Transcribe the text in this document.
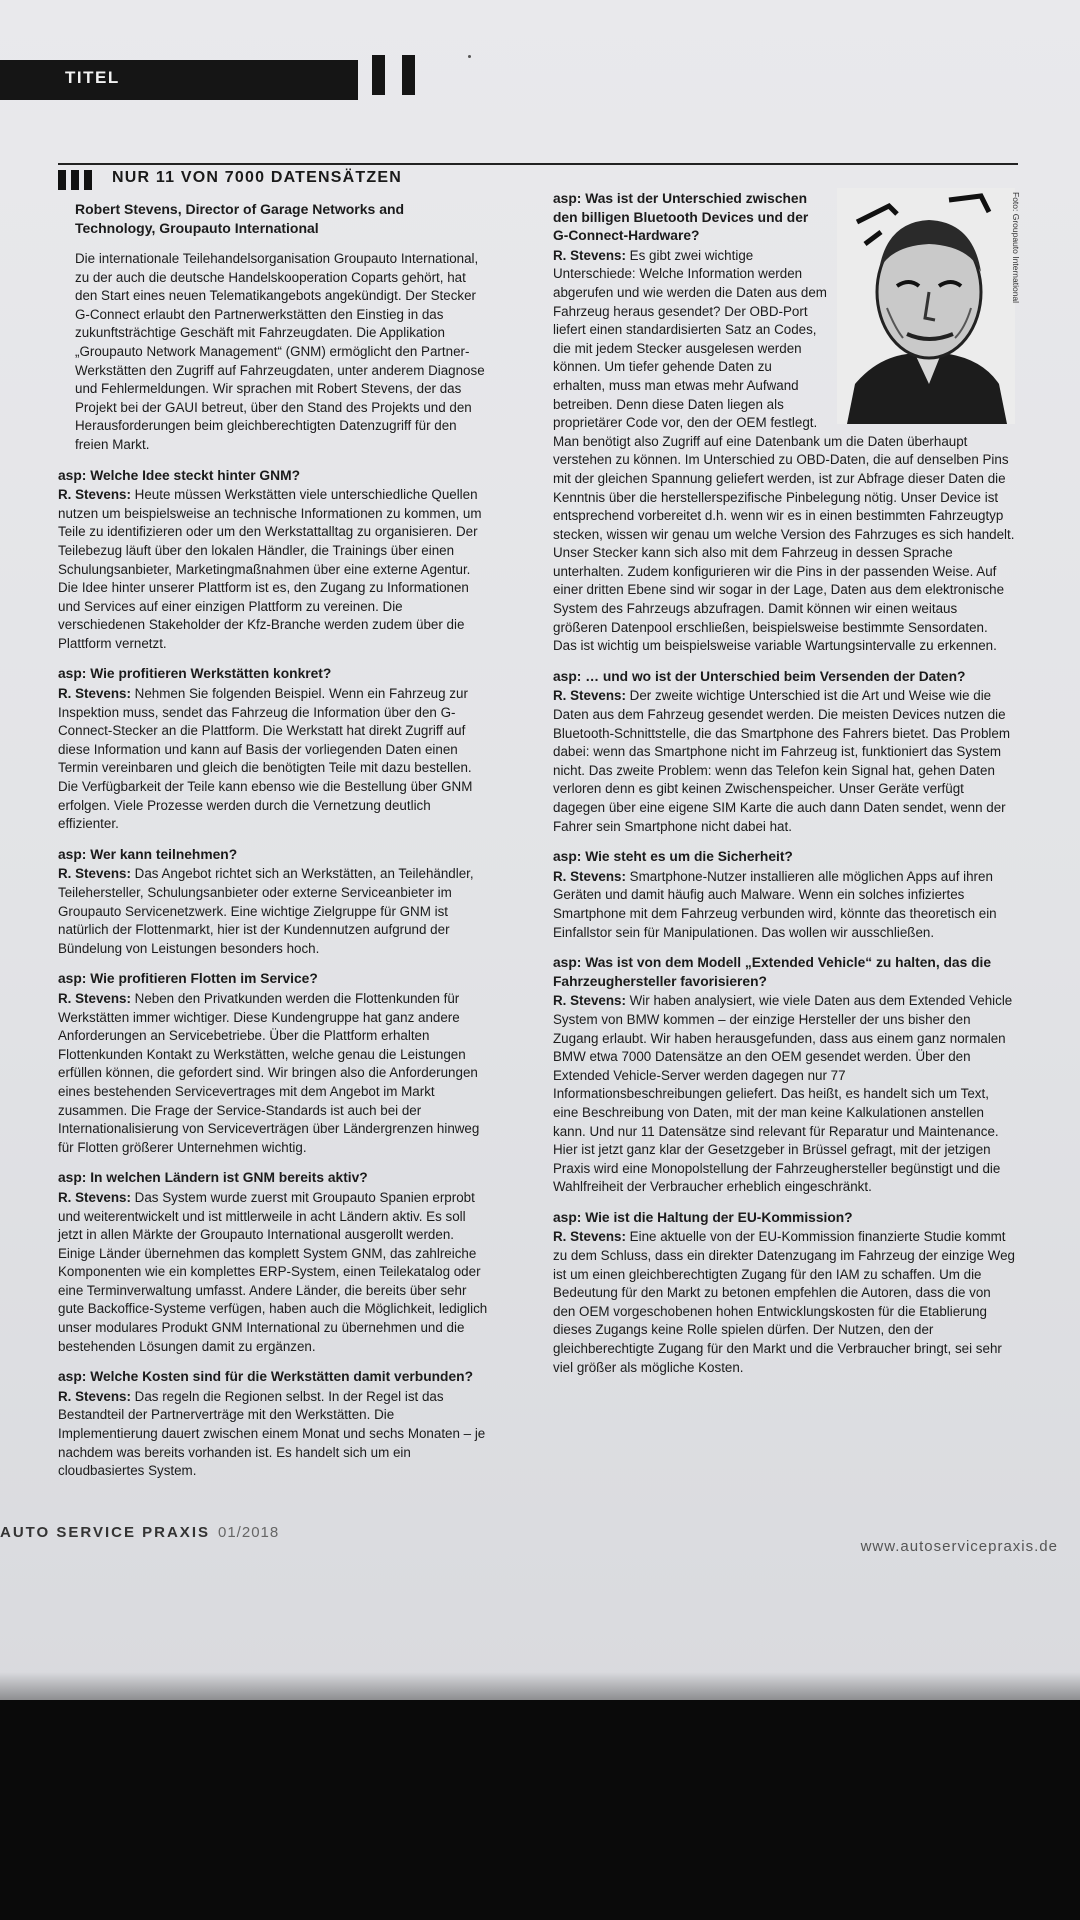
TITEL
NUR 11 VON 7000 DATENSÄTZEN

Robert Stevens, Director of Garage Networks and Technology, Groupauto International

Die internationale Teilehandelsorganisation Groupauto International, zu der auch die deutsche Handelskooperation Coparts gehört, hat den Start eines neuen Telematikangebots angekündigt. Der Stecker G-Connect erlaubt den Partnerwerkstätten den Einstieg in das zukunftsträchtige Geschäft mit Fahrzeugdaten. Die Applikation „Groupauto Network Management“ (GNM) ermöglicht den Partner-Werkstätten den Zugriff auf Fahrzeugdaten, unter anderem Diagnose und Fehlermeldungen. Wir sprachen mit Robert Stevens, der das Projekt bei der GAUI betreut, über den Stand des Projekts und den Herausforderungen beim gleichberechtigten Datenzugriff für den freien Markt.

asp: Welche Idee steckt hinter GNM?

R. Stevens: Heute müssen Werkstätten viele unterschiedliche Quellen nutzen um beispielsweise an technische Informationen zu kommen, um Teile zu identifizieren oder um den Werkstattalltag zu organisieren. Der Teilebezug läuft über den lokalen Händler, die Trainings über einen Schulungsanbieter, Marketingmaßnahmen über eine externe Agentur. Die Idee hinter unserer Plattform ist es, den Zugang zu Informationen und Services auf einer einzigen Plattform zu vereinen. Die verschiedenen Stakeholder der Kfz-Branche werden zudem über die Plattform vernetzt.

asp: Wie profitieren Werkstätten konkret?

R. Stevens: Nehmen Sie folgenden Beispiel. Wenn ein Fahrzeug zur Inspektion muss, sendet das Fahrzeug die Information über den G-Connect-Stecker an die Plattform. Die Werkstatt hat direkt Zugriff auf diese Information und kann auf Basis der vorliegenden Daten einen Termin vereinbaren und gleich die benötigten Teile mit dazu bestellen. Die Verfügbarkeit der Teile kann ebenso wie die Bestellung über GNM erfolgen. Viele Prozesse werden durch die Vernetzung deutlich effizienter.

asp: Wer kann teilnehmen?

R. Stevens: Das Angebot richtet sich an Werkstätten, an Teilehändler, Teilehersteller, Schulungsanbieter oder externe Serviceanbieter im Groupauto Servicenetzwerk. Eine wichtige Zielgruppe für GNM ist natürlich der Flottenmarkt, hier ist der Kundennutzen aufgrund der Bündelung von Leistungen besonders hoch.

asp: Wie profitieren Flotten im Service?

R. Stevens: Neben den Privatkunden werden die Flottenkunden für Werkstätten immer wichtiger. Diese Kundengruppe hat ganz andere Anforderungen an Servicebetriebe. Über die Plattform erhalten Flottenkunden Kontakt zu Werkstätten, welche genau die Leistungen erfüllen können, die gefordert sind. Wir bringen also die Anforderungen eines bestehenden Servicevertrages mit dem Angebot im Markt zusammen. Die Frage der Service-Standards ist auch bei der Internationalisierung von Serviceverträgen über Ländergrenzen hinweg für Flotten größerer Unternehmen wichtig.

asp: In welchen Ländern ist GNM bereits aktiv?

R. Stevens: Das System wurde zuerst mit Groupauto Spanien erprobt und weiterentwickelt und ist mittlerweile in acht Ländern aktiv. Es soll jetzt in allen Märkte der Groupauto International ausgerollt werden. Einige Länder übernehmen das komplett System GNM, das zahlreiche Komponenten wie ein komplettes ERP-System, einen Teilekatalog oder eine Terminverwaltung umfasst. Andere Länder, die bereits über sehr gute Backoffice-Systeme verfügen, haben auch die Möglichkeit, lediglich unser modulares Produkt GNM International zu übernehmen und die bestehenden Lösungen damit zu ergänzen.

asp: Welche Kosten sind für die Werkstätten damit verbunden?

R. Stevens: Das regeln die Regionen selbst. In der Regel ist das Bestandteil der Partnerverträge mit den Werkstätten. Die Implementierung dauert zwischen einem Monat und sechs Monaten – je nachdem was bereits vorhanden ist. Es handelt sich um ein cloudbasiertes System.

Foto: Groupauto International

asp: Was ist der Unterschied zwischen den billigen Bluetooth Devices und der G-Connect-Hardware?

R. Stevens: Es gibt zwei wichtige Unterschiede: Welche Information werden abgerufen und wie werden die Daten aus dem Fahrzeug heraus gesendet? Der OBD-Port liefert einen standardisierten Satz an Codes, die mit jedem Stecker ausgelesen werden können. Um tiefer gehende Daten zu erhalten, muss man etwas mehr Aufwand betreiben. Denn diese Daten liegen als proprietärer Code vor, den der OEM festlegt. Man benötigt also Zugriff auf eine Datenbank um die Daten überhaupt verstehen zu können. Im Unterschied zu OBD-Daten, die auf denselben Pins mit der gleichen Spannung geliefert werden, ist zur Abfrage dieser Daten die Kenntnis über die herstellerspezifische Pinbelegung nötig. Unser Device ist entsprechend vorbereitet d.h. wenn wir es in einen bestimmten Fahrzeugtyp stecken, wissen wir genau um welche Version des Fahrzuges es sich handelt. Unser Stecker kann sich also mit dem Fahrzeug in dessen Sprache unterhalten. Zudem konfigurieren wir die Pins in der passenden Weise. Auf einer dritten Ebene sind wir sogar in der Lage, Daten aus dem elektronische System des Fahrzeugs abzufragen. Damit können wir einen weitaus größeren Datenpool erschließen, beispielsweise bestimmte Sensordaten. Das ist wichtig um beispielsweise variable Wartungsintervalle zu erkennen.

asp: … und wo ist der Unterschied beim Versenden der Daten?

R. Stevens: Der zweite wichtige Unterschied ist die Art und Weise wie die Daten aus dem Fahrzeug gesendet werden. Die meisten Devices nutzen die Bluetooth-Schnittstelle, die das Smartphone des Fahrers bietet. Das Problem dabei: wenn das Smartphone nicht im Fahrzeug ist, funktioniert das System nicht. Das zweite Problem: wenn das Telefon kein Signal hat, gehen Daten verloren denn es gibt keinen Zwischenspeicher. Unser Geräte verfügt dagegen über eine eigene SIM Karte die auch dann Daten sendet, wenn der Fahrer sein Smartphone nicht dabei hat.

asp: Wie steht es um die Sicherheit?

R. Stevens: Smartphone-Nutzer installieren alle möglichen Apps auf ihren Geräten und damit häufig auch Malware. Wenn ein solches infiziertes Smartphone mit dem Fahrzeug verbunden wird, könnte das theoretisch ein Einfallstor sein für Manipulationen. Das wollen wir ausschließen.

asp: Was ist von dem Modell „Extended Vehicle“ zu halten, das die Fahrzeughersteller favorisieren?

R. Stevens: Wir haben analysiert, wie viele Daten aus dem Extended Vehicle System von BMW kommen – der einzige Hersteller der uns bisher den Zugang erlaubt. Wir haben herausgefunden, dass aus einem ganz normalen BMW etwa 7000 Datensätze an den OEM gesendet werden. Über den Extended Vehicle-Server werden dagegen nur 77 Informationsbeschreibungen geliefert. Das heißt, es handelt sich um Text, eine Beschreibung von Daten, mit der man keine Kalkulationen anstellen kann. Und nur 11 Datensätze sind relevant für Reparatur und Maintenance. Hier ist jetzt ganz klar der Gesetzgeber in Brüssel gefragt, mit der jetzigen Praxis wird eine Monopolstellung der Fahrzeughersteller begünstigt und die Wahlfreiheit der Verbraucher erheblich eingeschränkt.

asp: Wie ist die Haltung der EU-Kommission?

R. Stevens: Eine aktuelle von der EU-Kommission finanzierte Studie kommt zu dem Schluss, dass ein direkter Datenzugang im Fahrzeug der einzige Weg ist um einen gleichberechtigten Zugang für den IAM zu schaffen. Um die Bedeutung für den Markt zu betonen empfehlen die Autoren, dass die von den OEM vorgeschobenen hohen Entwicklungskosten für die Etablierung dieses Zugangs keine Rolle spielen dürfen. Der Nutzen, den der gleichberechtigte Zugang für den Markt und die Verbraucher bringt, sei sehr viel größer als mögliche Kosten.

AUTO SERVICE PRAXIS 01/2018
www.autoservicepraxis.de
